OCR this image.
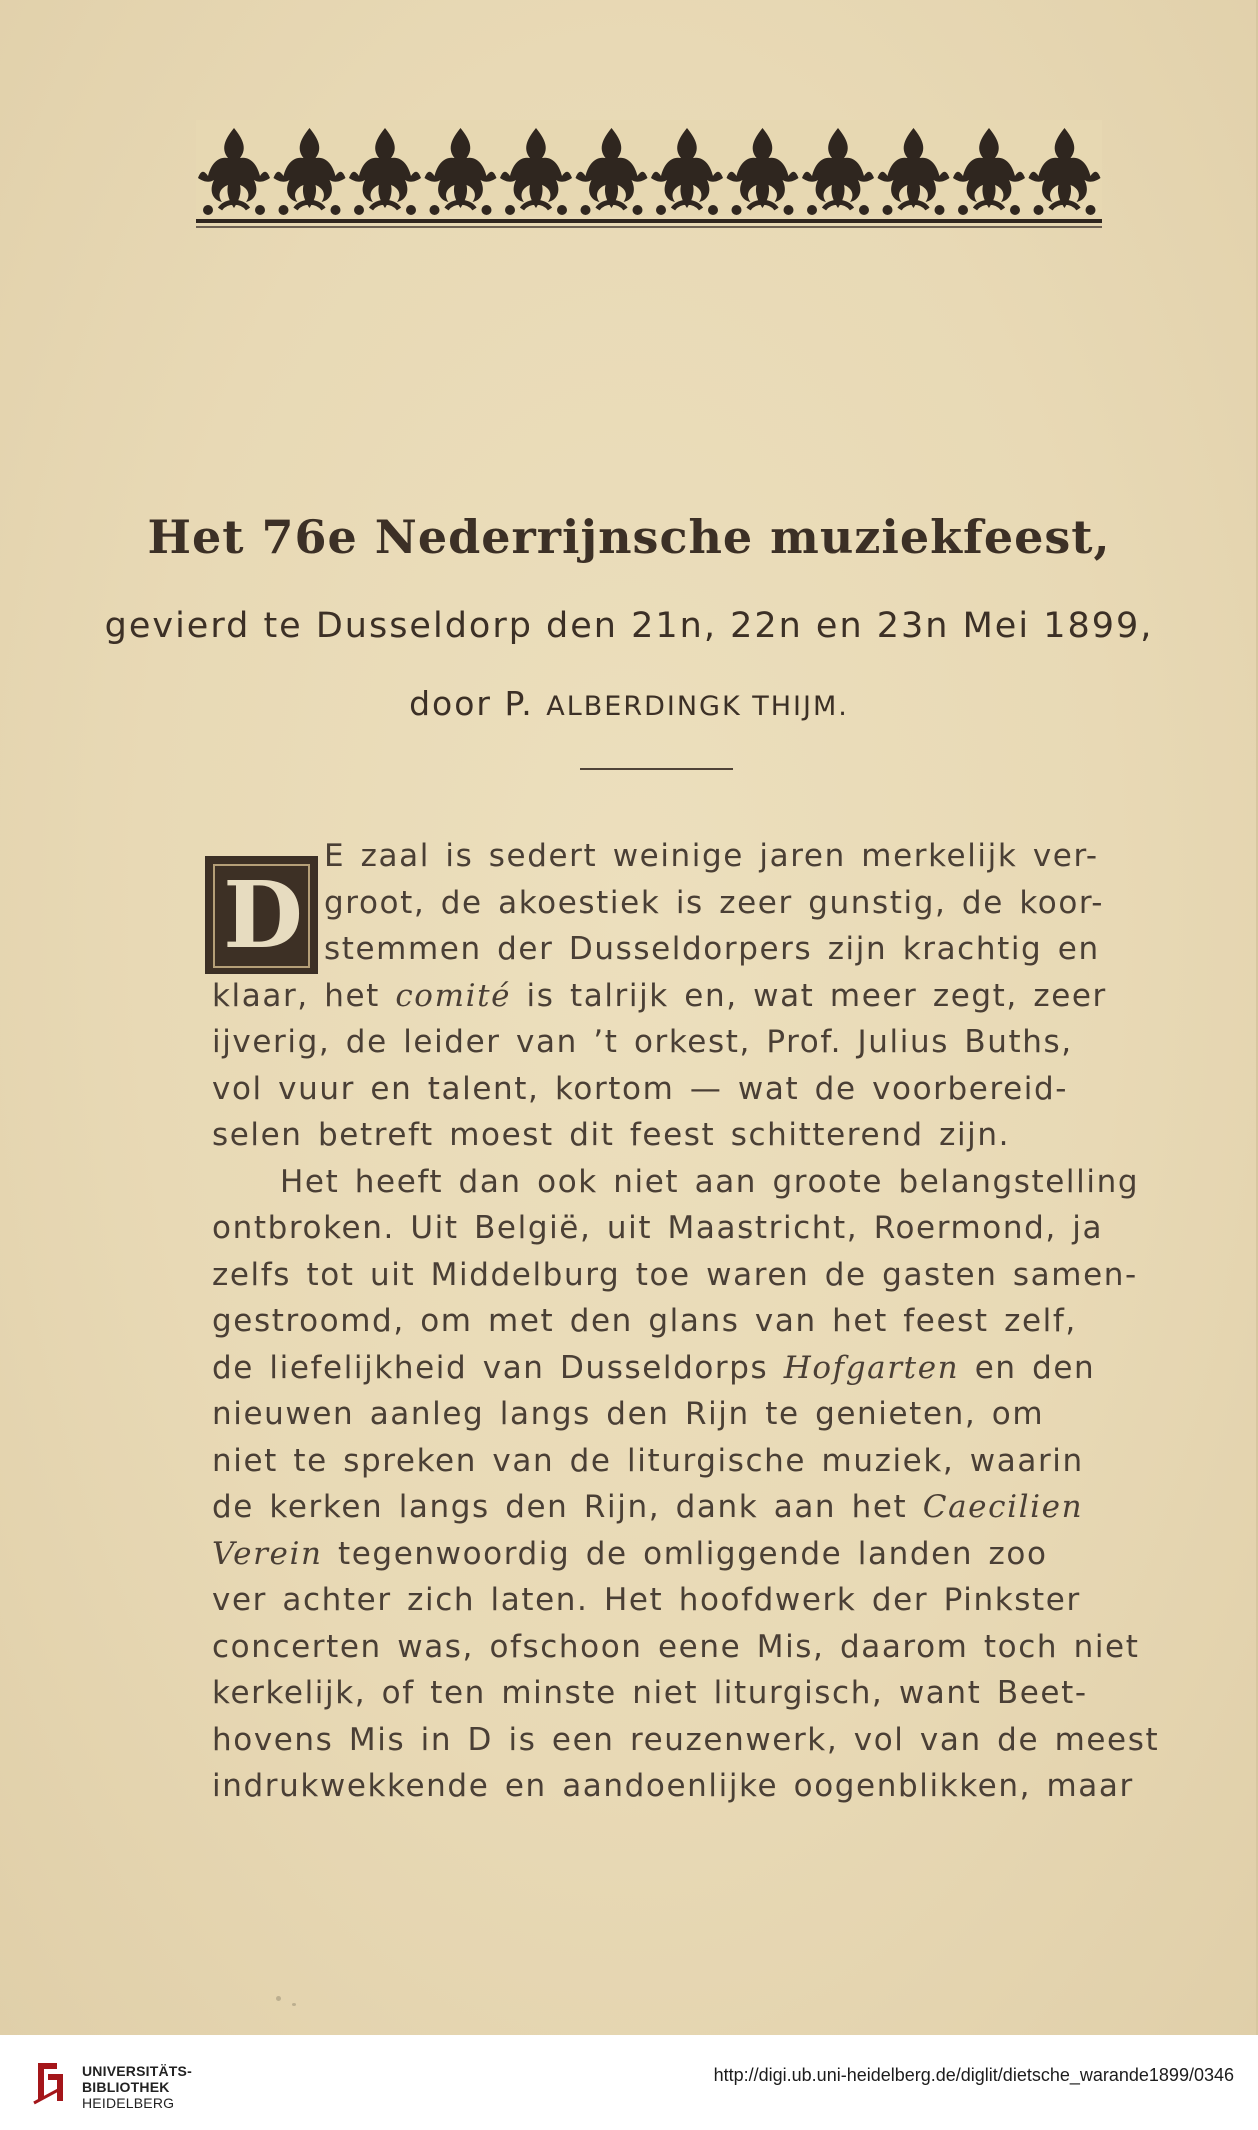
Het 76e Nederrijnsche muziekfeest,
gevierd te Dusseldorp den 21n, 22n en 23n Mei 1899,
door P. ALBERDINGK THIJM.
D
E zaal is sedert weinige jaren merkelijk ver-
groot, de akoestiek is zeer gunstig, de koor-
stemmen der Dusseldorpers zijn krachtig en
klaar, het comité is talrijk en, wat meer zegt, zeer
ijverig, de leider van ’t orkest, Prof. Julius Buths,
vol vuur en talent, kortom — wat de voorbereid-
selen betreft moest dit feest schitterend zijn.
Het heeft dan ook niet aan groote belangstelling
ontbroken. Uit België, uit Maastricht, Roermond, ja
zelfs tot uit Middelburg toe waren de gasten samen-
gestroomd, om met den glans van het feest zelf,
de liefelijkheid van Dusseldorps Hofgarten en den
nieuwen aanleg langs den Rijn te genieten, om
niet te spreken van de liturgische muziek, waarin
de kerken langs den Rijn, dank aan het Caecilien
Verein tegenwoordig de omliggende landen zoo
ver achter zich laten. Het hoofdwerk der Pinkster
concerten was, ofschoon eene Mis, daarom toch niet
kerkelijk, of ten minste niet liturgisch, want Beet-
hovens Mis in D is een reuzenwerk, vol van de meest
indrukwekkende en aandoenlijke oogenblikken, maar
UNIVERSITÄTS-
BIBLIOTHEK
HEIDELBERG
http://digi.ub.uni-heidelberg.de/diglit/dietsche_warande1899/0346
